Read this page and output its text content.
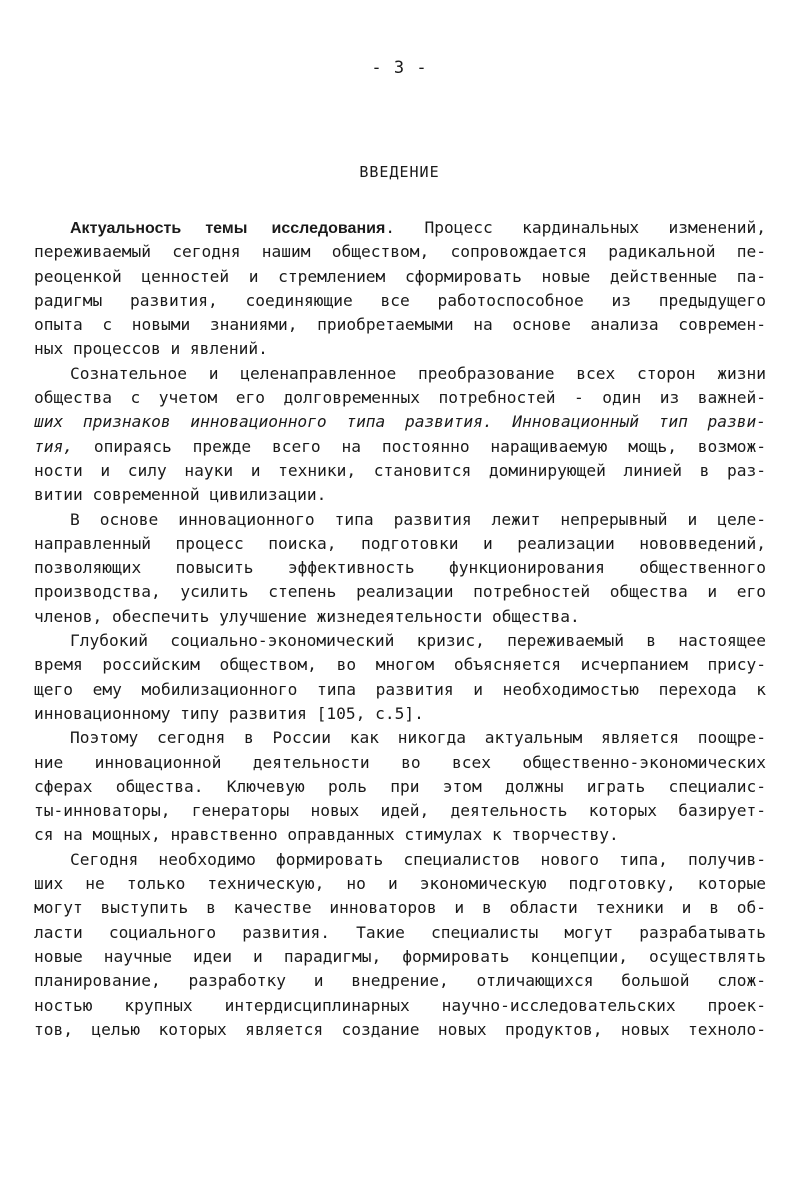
- 3 -
ВВЕДЕНИЕ
Актуальность темы исследования. Процесс кардинальных изменений,
переживаемый сегодня нашим обществом, сопровождается радикальной пе-
реоценкой ценностей и стремлением сформировать новые действенные па-
радигмы развития, соединяющие все работоспособное из предыдущего
опыта с новыми знаниями, приобретаемыми на основе анализа современ-
ных процессов и явлений.
Сознательное и целенаправленное преобразование всех сторон жизни
общества с учетом его долговременных потребностей - один из важней-
ших признаков инновационного типа развития. Инновационный тип разви-
тия, опираясь прежде всего на постоянно наращиваемую мощь, возмож-
ности и силу науки и техники, становится доминирующей линией в раз-
витии современной цивилизации.
В основе инновационного типа развития лежит непрерывный и целе-
направленный процесс поиска, подготовки и реализации нововведений,
позволяющих повысить эффективность функционирования общественного
производства, усилить степень реализации потребностей общества и его
членов, обеспечить улучшение жизнедеятельности общества.
Глубокий социально-экономический кризис, переживаемый в настоящее
время российским обществом, во многом объясняется исчерпанием прису-
щего ему мобилизационного типа развития и необходимостью перехода к
инновационному типу развития [105, с.5].
Поэтому сегодня в России как никогда актуальным является поощре-
ние инновационной деятельности во всех общественно-экономических
сферах общества. Ключевую роль при этом должны играть специалис-
ты-инноваторы, генераторы новых идей, деятельность которых базирует-
ся на мощных, нравственно оправданных стимулах к творчеству.
Сегодня необходимо формировать специалистов нового типа, получив-
ших не только техническую, но и экономическую подготовку, которые
могут выступить в качестве инноваторов и в области техники и в об-
ласти социального развития. Такие специалисты могут разрабатывать
новые научные идеи и парадигмы, формировать концепции, осуществлять
планирование, разработку и внедрение, отличающихся большой слож-
ностью крупных интердисциплинарных научно-исследовательских проек-
тов, целью которых является создание новых продуктов, новых техноло-
